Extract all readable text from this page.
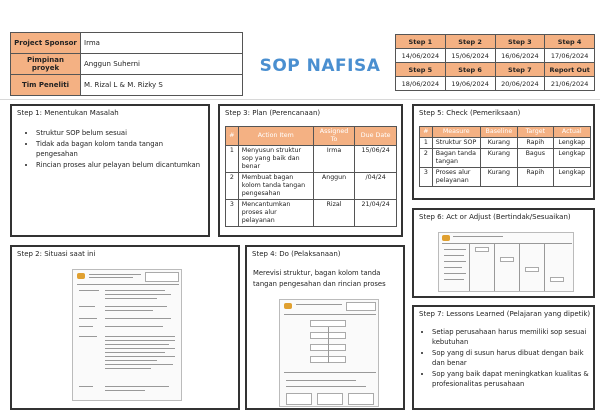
Project Sponsor	Irma
Pimpinan proyek	Anggun Suherni
Tim Peneliti	M. Rizal L & M. Rizky S
SOP NAFISA
Step 1	Step 2	Step 3	Step 4
14/06/2024	15/06/2024	16/06/2024	17/06/2024
Step 5	Step 6	Step 7	Report Out
18/06/2024	19/06/2024	20/06/2024	21/06/2024
Step 1: Menentukan Masalah
• Struktur SOP belum sesuai
• Tidak ada bagan kolom tanda tangan pengesahan
• Rincian proses alur pelayan belum dicantumkan
Step 2: Situasi saat ini
Step 3: Plan (Perencanaan)
#	Action Item	Assigned To	Due Date
1	Menyusun struktur sop yang baik dan benar	Irma	15/06/24
2	Membuat bagan kolom tanda tangan pengesahan	Anggun	/04/24
3	Mencantumkan proses alur pelayanan	Rizal	21/04/24
Step 4: Do (Pelaksanaan)
Merevisi struktur, bagan kolom tanda tangan pengesahan dan rincian proses
Step 5: Check (Pemeriksaan)
#	Measure	Baseline	Target	Actual
1	Struktur SOP	Kurang	Rapih	Lengkap
2	Bagan tanda tangan	Kurang	Bagus	Lengkap
3	Proses alur pelayanan	Kurang	Rapih	Lengkap
Step 6: Act or Adjust (Bertindak/Sesuaikan)
Step 7: Lessons Learned (Pelajaran yang dipetik)
• Setiap perusahaan harus memiliki sop sesuai kebutuhan
• Sop yang di susun harus dibuat dengan baik dan benar
• Sop yang baik dapat meningkatkan kualitas & profesionalitas perusahaan
